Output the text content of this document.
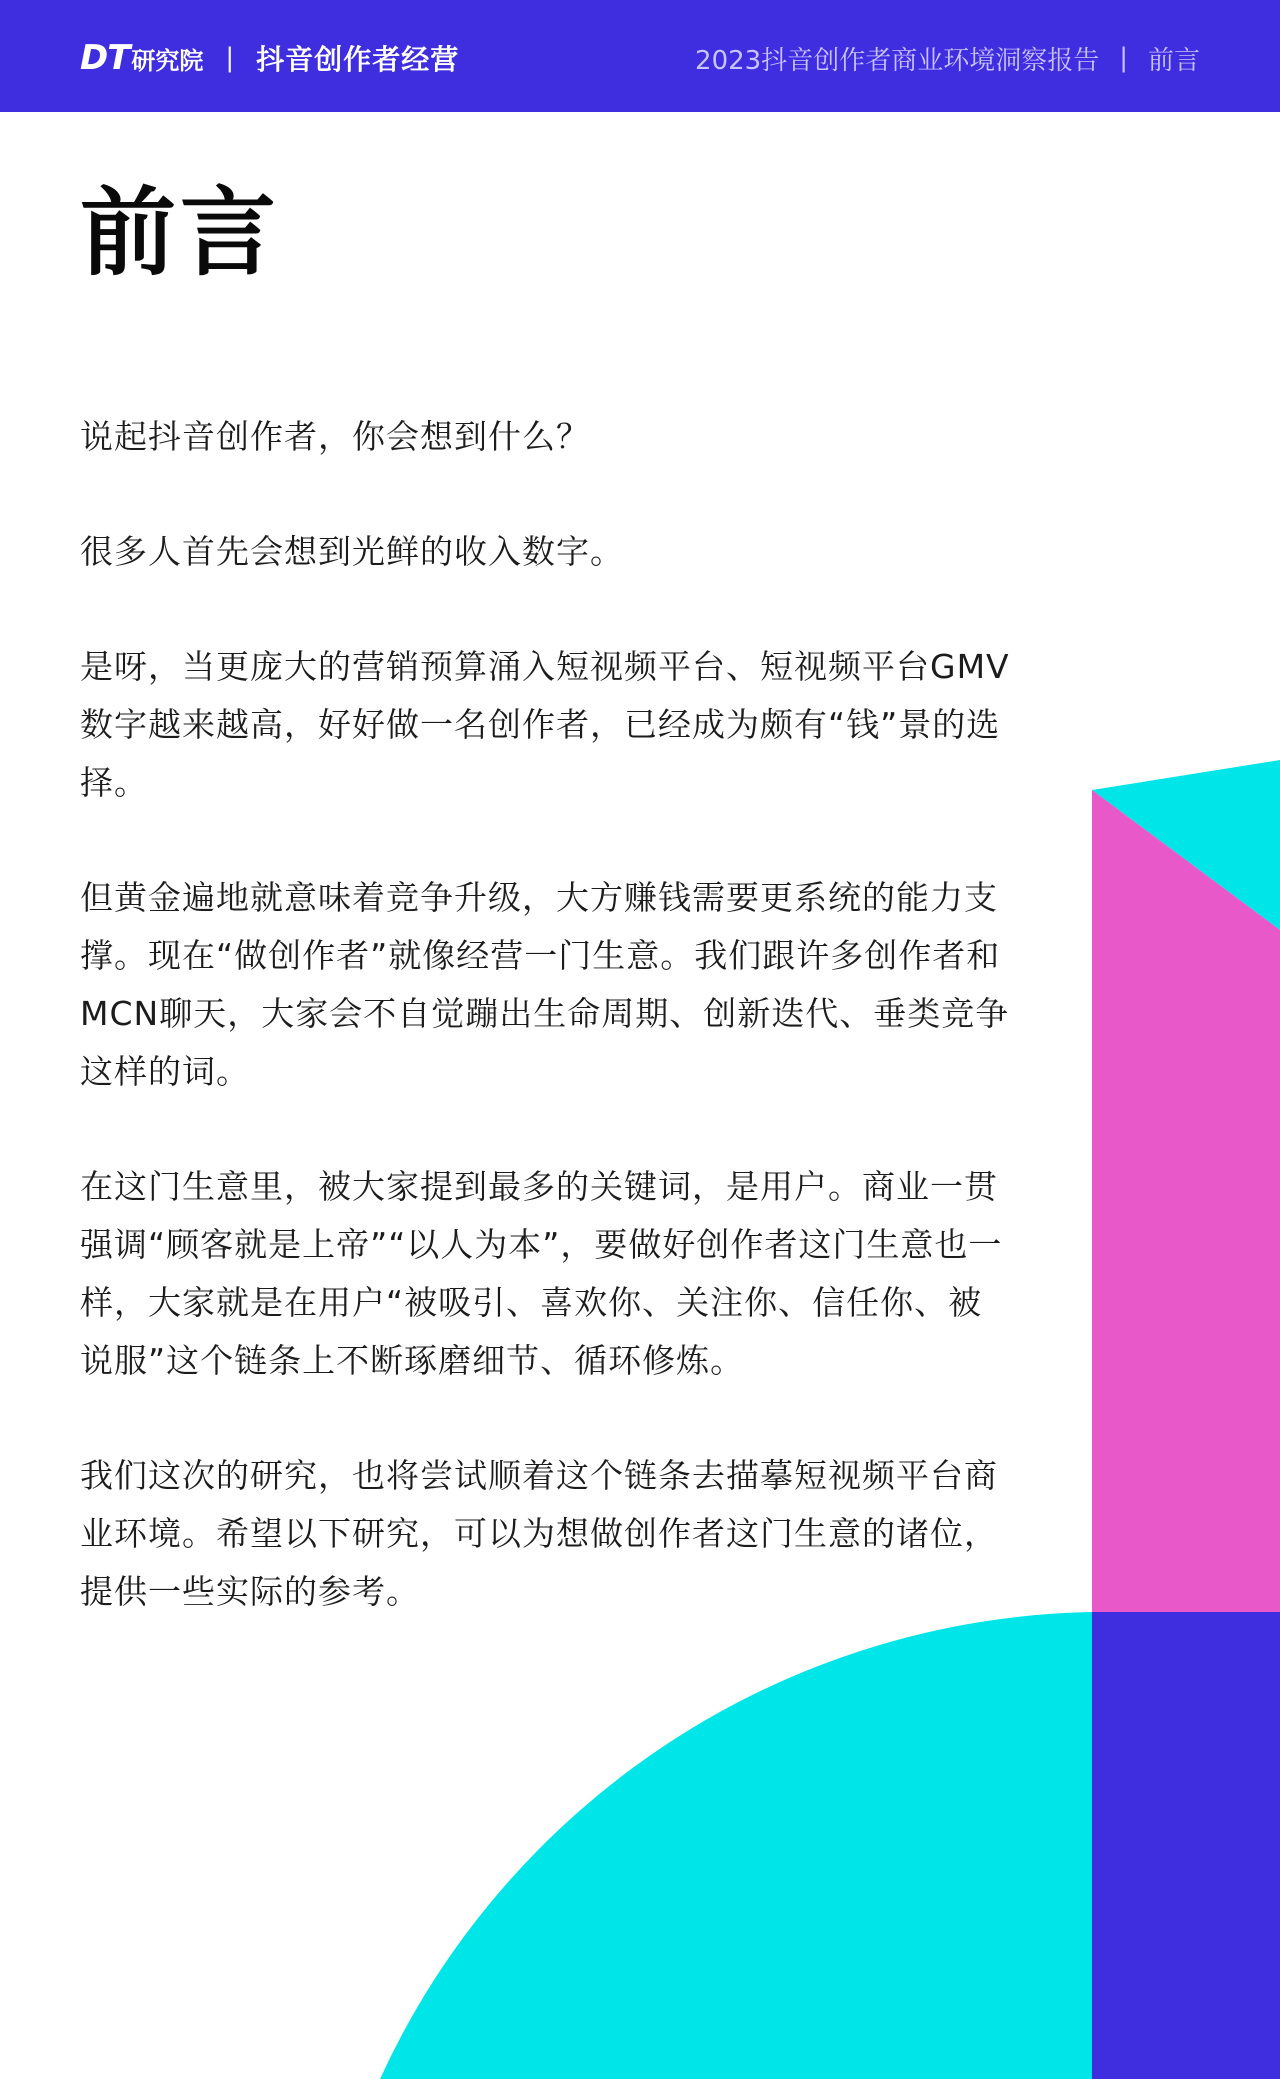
DT 研究院 | 抖音创作者经营	2023抖音创作者商业环境洞察报告 | 前言
前言

说起抖音创作者，你会想到什么？

很多人首先会想到光鲜的收入数字。

是呀，当更庞大的营销预算涌入短视频平台、短视频平台GMV数字越来越高，好好做一名创作者，已经成为颇有“钱”景的选择。

但黄金遍地就意味着竞争升级，大方赚钱需要更系统的能力支撑。现在“做创作者”就像经营一门生意。我们跟许多创作者和MCN聊天，大家会不自觉蹦出生命周期、创新迭代、垂类竞争这样的词。

在这门生意里，被大家提到最多的关键词，是用户。商业一贯强调“顾客就是上帝”“以人为本”，要做好创作者这门生意也一样，大家就是在用户“被吸引、喜欢你、关注你、信任你、被说服”这个链条上不断琢磨细节、循环修炼。

我们这次的研究，也将尝试顺着这个链条去描摹短视频平台商业环境。希望以下研究，可以为想做创作者这门生意的诸位，提供一些实际的参考。
